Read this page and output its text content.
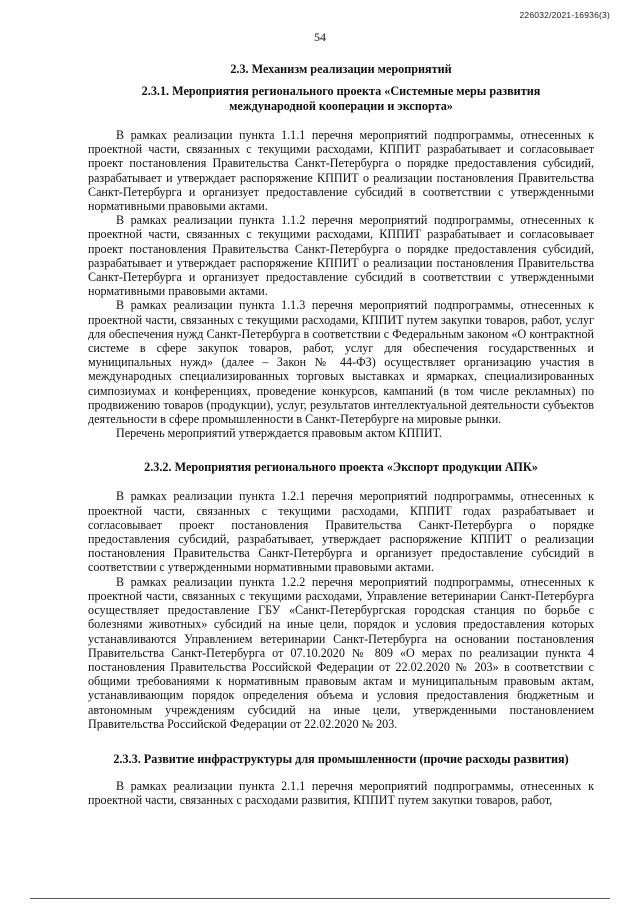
226032/2021-16936(3)
54
2.3. Механизм реализации мероприятий
2.3.1. Мероприятия регионального проекта «Системные меры развития международной кооперации и экспорта»

В рамках реализации пункта 1.1.1 перечня мероприятий подпрограммы, отнесенных к проектной части, связанных с текущими расходами, КППИТ разрабатывает и согласовывает проект постановления Правительства Санкт-Петербурга о порядке предоставления субсидий, разрабатывает и утверждает распоряжение КППИТ о реализации постановления Правительства Санкт-Петербурга и организует предоставление субсидий в соответствии с утвержденными нормативными правовыми актами.

В рамках реализации пункта 1.1.2 перечня мероприятий подпрограммы, отнесенных к проектной части, связанных с текущими расходами, КППИТ разрабатывает и согласовывает проект постановления Правительства Санкт-Петербурга о порядке предоставления субсидий, разрабатывает и утверждает распоряжение КППИТ о реализации постановления Правительства Санкт-Петербурга и организует предоставление субсидий в соответствии с утвержденными нормативными правовыми актами.

В рамках реализации пункта 1.1.3 перечня мероприятий подпрограммы, отнесенных к проектной части, связанных с текущими расходами, КППИТ путем закупки товаров, работ, услуг для обеспечения нужд Санкт-Петербурга в соответствии с Федеральным законом «О контрактной системе в сфере закупок товаров, работ, услуг для обеспечения государственных и муниципальных нужд» (далее – Закон № 44-ФЗ) осуществляет организацию участия в международных специализированных торговых выставках и ярмарках, специализированных симпозиумах и конференциях, проведение конкурсов, кампаний (в том числе рекламных) по продвижению товаров (продукции), услуг, результатов интеллектуальной деятельности субъектов деятельности в сфере промышленности в Санкт-Петербурге на мировые рынки.

Перечень мероприятий утверждается правовым актом КППИТ.

2.3.2. Мероприятия регионального проекта «Экспорт продукции АПК»

В рамках реализации пункта 1.2.1 перечня мероприятий подпрограммы, отнесенных к проектной части, связанных с текущими расходами, КППИТ годах разрабатывает и согласовывает проект постановления Правительства Санкт-Петербурга о порядке предоставления субсидий, разрабатывает, утверждает распоряжение КППИТ о реализации постановления Правительства Санкт-Петербурга и организует предоставление субсидий в соответствии с утвержденными нормативными правовыми актами.

В рамках реализации пункта 1.2.2 перечня мероприятий подпрограммы, отнесенных к проектной части, связанных с текущими расходами, Управление ветеринарии Санкт-Петербурга осуществляет предоставление ГБУ «Санкт-Петербургская городская станция по борьбе с болезнями животных» субсидий на иные цели, порядок и условия предоставления которых устанавливаются Управлением ветеринарии Санкт-Петербурга на основании постановления Правительства Санкт-Петербурга от 07.10.2020 № 809 «О мерах по реализации пункта 4 постановления Правительства Российской Федерации от 22.02.2020 № 203» в соответствии с общими требованиями к нормативным правовым актам и муниципальным правовым актам, устанавливающим порядок определения объема и условия предоставления бюджетным и автономным учреждениям субсидий на иные цели, утвержденными постановлением Правительства Российской Федерации от 22.02.2020 № 203.

2.3.3. Развитие инфраструктуры для промышленности (прочие расходы развития)

В рамках реализации пункта 2.1.1 перечня мероприятий подпрограммы, отнесенных к проектной части, связанных с расходами развития, КППИТ путем закупки товаров, работ,
